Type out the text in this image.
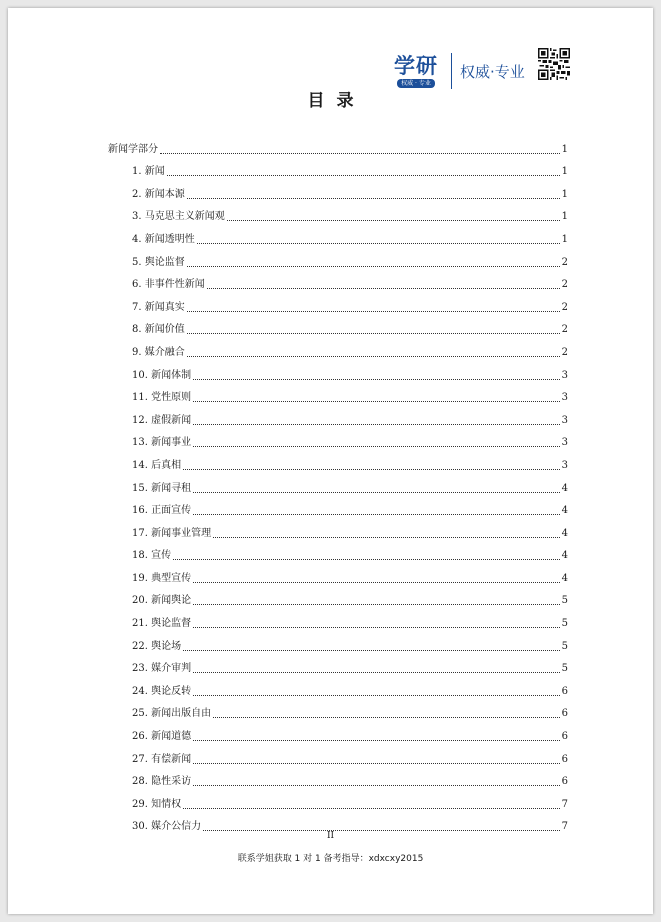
学研
权威 · 专业
权威·专业
目录
新闻学部分	1
1. 新闻	1
2. 新闻本源	1
3. 马克思主义新闻观	1
4. 新闻透明性	1
5. 舆论监督	2
6. 非事件性新闻	2
7. 新闻真实	2
8. 新闻价值	2
9. 媒介融合	2
10. 新闻体制	3
11. 党性原则	3
12. 虚假新闻	3
13. 新闻事业	3
14. 后真相	3
15. 新闻寻租	4
16. 正面宣传	4
17. 新闻事业管理	4
18. 宣传	4
19. 典型宣传	4
20. 新闻舆论	5
21. 舆论监督	5
22. 舆论场	5
23. 媒介审判	5
24. 舆论反转	6
25. 新闻出版自由	6
26. 新闻道德	6
27. 有偿新闻	6
28. 隐性采访	6
29. 知情权	7
30. 媒介公信力	7
II
联系学姐获取 1 对 1 备考指导：xdxcxy2015
